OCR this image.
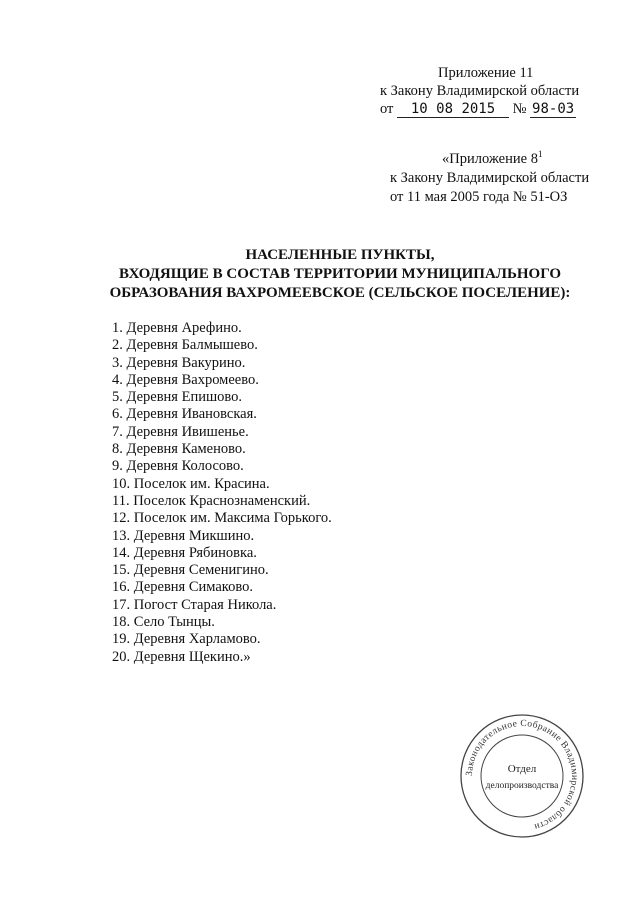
Приложение 11
к Закону Владимирской области
от 10 08 2015 № 98-03
«Приложение $8^1$
к Закону Владимирской области
от 11 мая 2005 года № 51-ОЗ
НАСЕЛЕННЫЕ ПУНКТЫ,
ВХОДЯЩИЕ В СОСТАВ ТЕРРИТОРИИ МУНИЦИПАЛЬНОГО
ОБРАЗОВАНИЯ ВАХРОМЕЕВСКОЕ (СЕЛЬСКОЕ ПОСЕЛЕНИЕ):
1. Деревня Арефино.
2. Деревня Балмышево.
3. Деревня Вакурино.
4. Деревня Вахромеево.
5. Деревня Епишово.
6. Деревня Ивановская.
7. Деревня Ивишенье.
8. Деревня Каменово.
9. Деревня Колосово.
10. Поселок им. Красина.
11. Поселок Краснознаменский.
12. Поселок им. Максима Горького.
13. Деревня Микшино.
14. Деревня Рябиновка.
15. Деревня Семенигино.
16. Деревня Симаково.
17. Погост Старая Никола.
18. Село Тынцы.
19. Деревня Харламово.
20. Деревня Щекино.»
Законодательное Собрание Владимирской области
Отдел
делопроизводства
